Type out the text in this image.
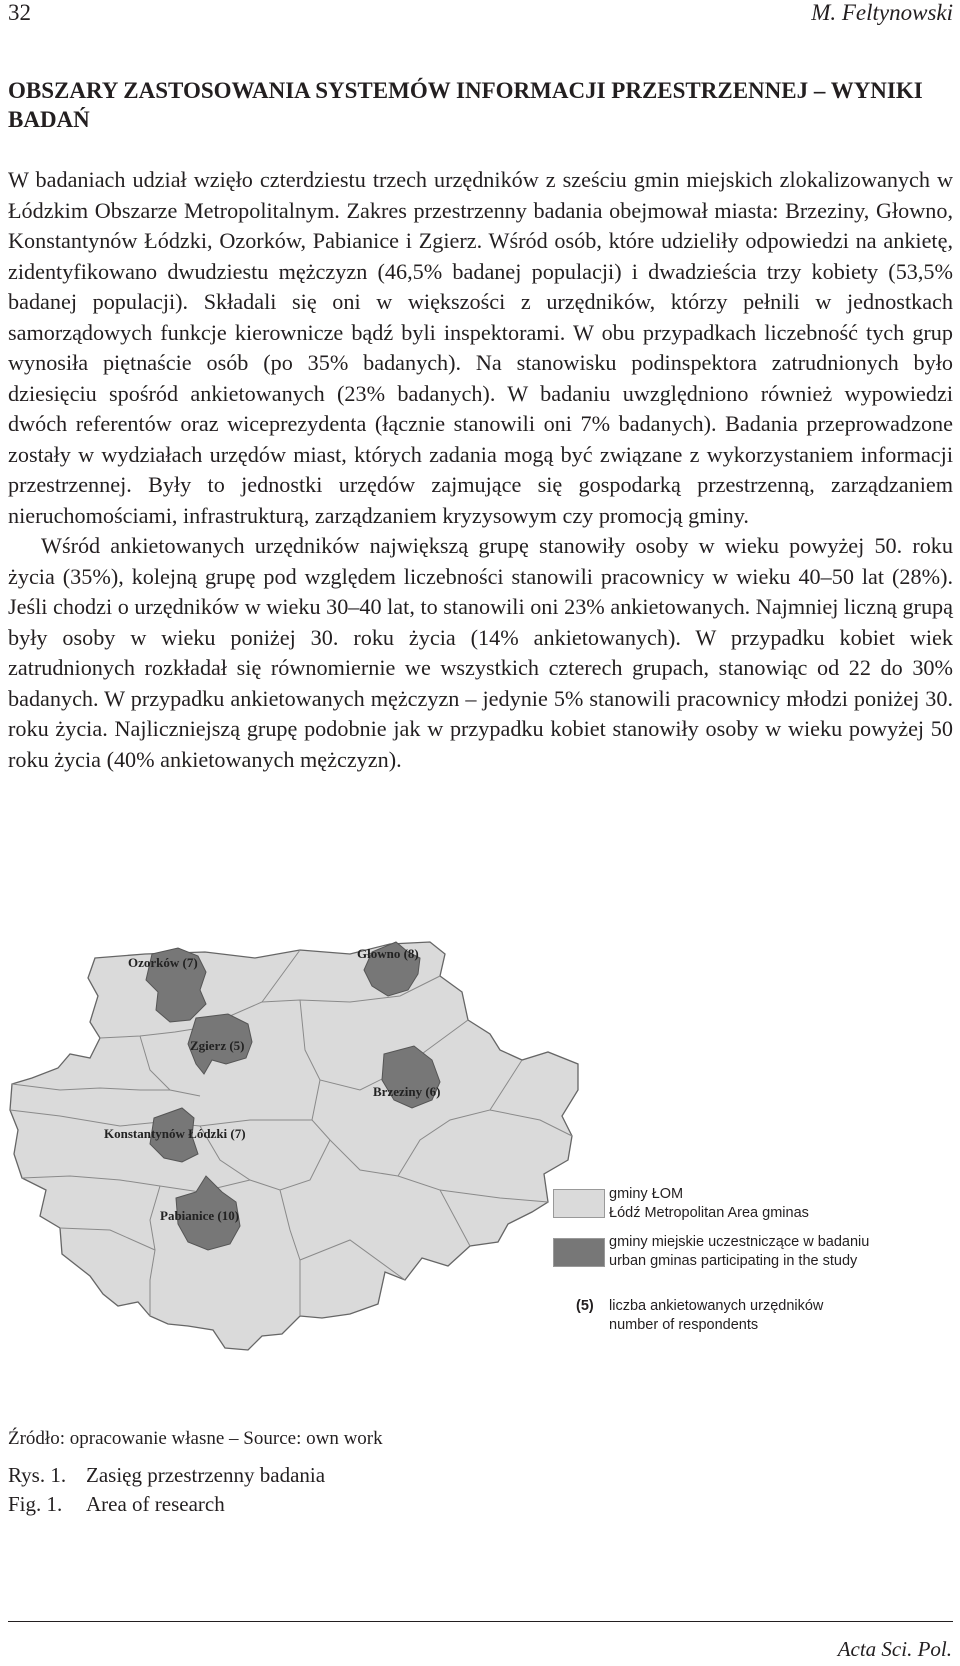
32	M. Feltynowski
OBSZARY ZASTOSOWANIA SYSTEMÓW INFORMACJI PRZESTRZENNEJ – WYNIKI BADAŃ

W badaniach udział wzięło czterdziestu trzech urzędników z sześciu gmin miejskich zlokalizowanych w Łódzkim Obszarze Metropolitalnym. Zakres przestrzenny badania obejmował miasta: Brzeziny, Głowno, Konstantynów Łódzki, Ozorków, Pabianice i Zgierz. Wśród osób, które udzieliły odpowiedzi na ankietę, zidentyfikowano dwudziestu mężczyzn (46,5% badanej populacji) i dwadzieścia trzy kobiety (53,5% badanej populacji). Składali się oni w większości z urzędników, którzy pełnili w jednostkach samorządowych funkcje kierownicze bądź byli inspektorami. W obu przypadkach liczebność tych grup wynosiła piętnaście osób (po 35% badanych). Na stanowisku podinspektora zatrudnionych było dziesięciu spośród ankietowanych (23% badanych). W badaniu uwzględniono również wypowiedzi dwóch referentów oraz wiceprezydenta (łącznie stanowili oni 7% badanych). Badania przeprowadzone zostały w wydziałach urzędów miast, których zadania mogą być związane z wykorzystaniem informacji przestrzennej. Były to jednostki urzędów zajmujące się gospodarką przestrzenną, zarządzaniem nieruchomościami, infrastrukturą, zarządzaniem kryzysowym czy promocją gminy.

Wśród ankietowanych urzędników największą grupę stanowiły osoby w wieku powyżej 50. roku życia (35%), kolejną grupę pod względem liczebności stanowili pracownicy w wieku 40–50 lat (28%). Jeśli chodzi o urzędników w wieku 30–40 lat, to stanowili oni 23% ankietowanych. Najmniej liczną grupą były osoby w wieku poniżej 30. roku życia (14% ankietowanych). W przypadku kobiet wiek zatrudnionych rozkładał się równomiernie we wszystkich czterech grupach, stanowiąc od 22 do 30% badanych. W przypadku ankietowanych mężczyzn – jedynie 5% stanowili pracownicy młodzi poniżej 30. roku życia. Najliczniejszą grupę podobnie jak w przypadku kobiet stanowiły osoby w wieku powyżej 50 roku życia (40% ankietowanych mężczyzn).

Ozorków (7)
Głowno (8)
Zgierz (5)
Brzeziny (6)
Konstantynów Łódzki (7)
Pabianice (10)
gminy ŁOM
Łódź Metropolitan Area gminas
gminy miejskie uczestniczące w badaniu
urban gminas participating in the study
(5) liczba ankietowanych urzędników
number of respondents
Źródło: opracowanie własne – Source: own work
Rys. 1. Zasięg przestrzenny badania
Fig. 1. Area of research
Acta Sci. Pol.
